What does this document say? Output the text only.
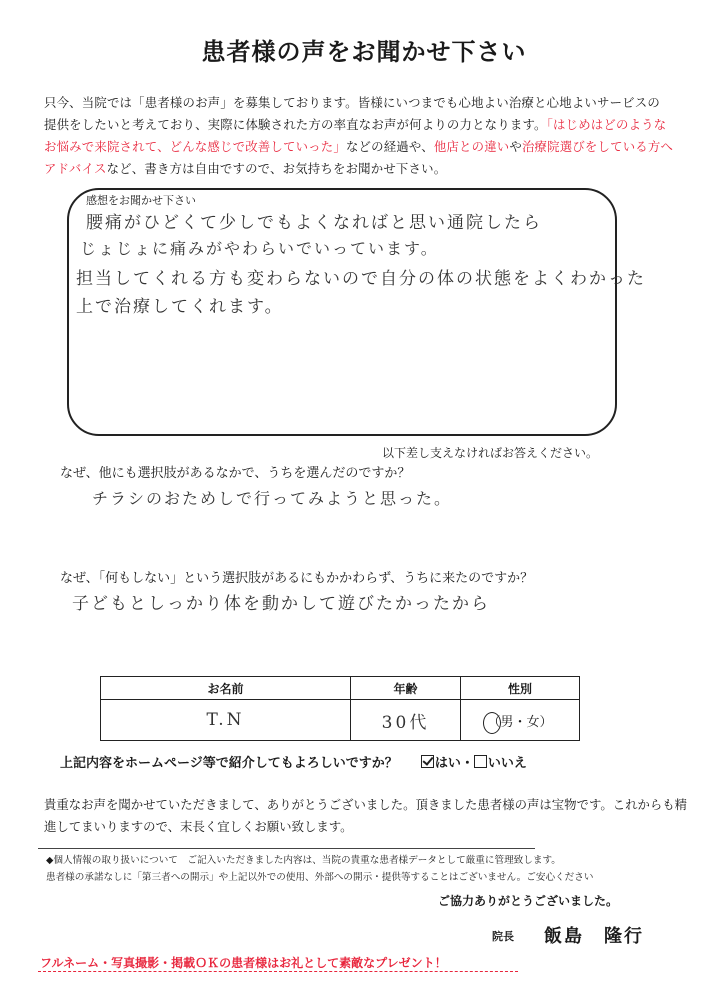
患者様の声をお聞かせ下さい
只今、当院では「患者様のお声」を募集しております。皆様にいつまでも心地よい治療と心地よいサービスの
提供をしたいと考えており、実際に体験された方の率直なお声が何よりの力となります。「はじめはどのような
お悩みで来院されて、どんな感じで改善していった」などの経過や、他店との違いや治療院選びをしている方へ
アドバイスなど、書き方は自由ですので、お気持ちをお聞かせ下さい。
感想をお聞かせ下さい
腰痛がひどくて少しでもよくなればと思い通院したら
じょじょに痛みがやわらいでいっています。
担当してくれる方も変わらないので自分の体の状態をよくわかった
上で治療してくれます。
以下差し支えなければお答えください。
なぜ、他にも選択肢があるなかで、うちを選んだのですか？
チラシのおためしで行ってみようと思った。
なぜ、「何もしない」という選択肢があるにもかかわらず、うちに来たのですか？
子どもとしっかり体を動かして遊びたかったから
お名前	年齢	性別
T.N	30代	（男・女）
上記内容をホームページ等で紹介してもよろしいですか？	はい・ いいえ
貴重なお声を聞かせていただきまして、ありがとうございました。頂きました患者様の声は宝物です。これからも精進してまいりますので、末長く宜しくお願い致します。
◆個人情報の取り扱いについて　ご記入いただきました内容は、当院の貴重な患者様データとして厳重に管理致します。
患者様の承諾なしに「第三者への開示」や上記以外での使用、外部への開示・提供等することはございません。ご安心ください
ご協力ありがとうございました。
院長 飯島　隆行
フルネーム・写真撮影・掲載ＯＫの患者様はお礼として素敵なプレゼント！
